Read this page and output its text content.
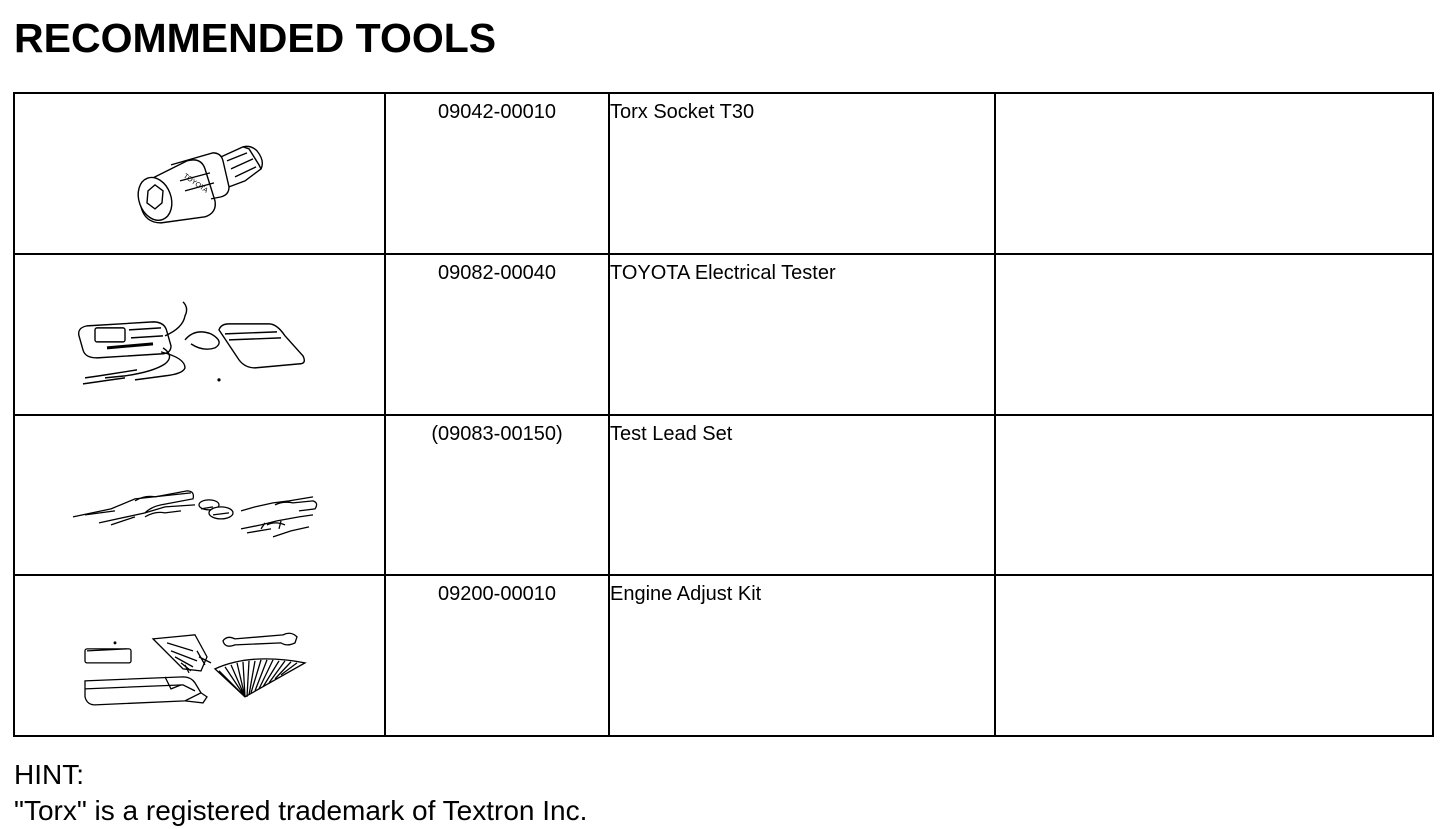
RECOMMENDED TOOLS
TOYOTA	09042-00010	Torx Socket T30	

09082-00040	TOYOTA Electrical Tester	

(09083-00150)	Test Lead Set	

09200-00010	Engine Adjust Kit	

HINT:
"Torx" is a registered trademark of Textron Inc.
